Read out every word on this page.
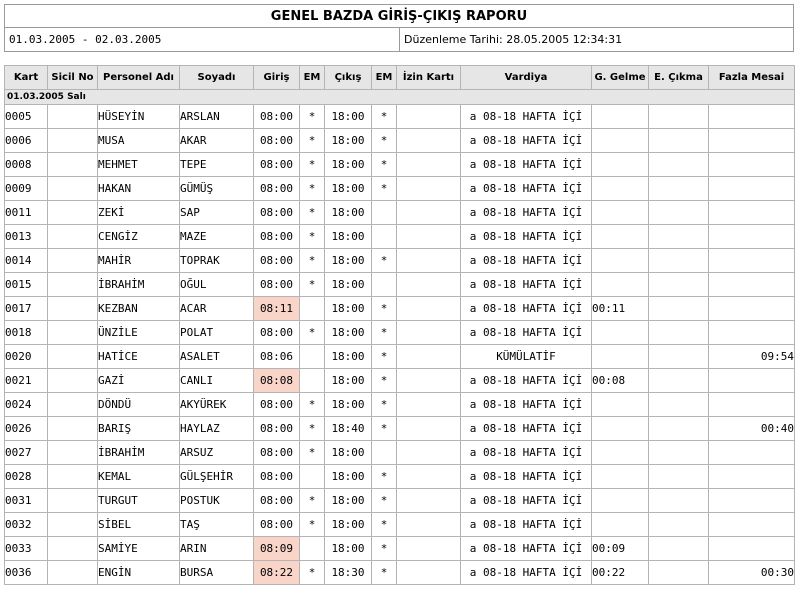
GENEL BAZDA GİRİŞ-ÇIKIŞ RAPORU
01.03.2005 - 02.03.2005	Düzenleme Tarihi:
28.05.2005 12:34:31
Kart	Sicil No	Personel Adı	Soyadı	Giriş	EM	Çıkış	EM	İzin Kartı	Vardiya	G. Gelme	E. Çıkma	Fazla Mesai
01.03.2005 Salı												
0005		HÜSEYİN	ARSLAN	08:00	*	18:00	*		a 08-18 HAFTA İÇİ			
0006		MUSA	AKAR	08:00	*	18:00	*		a 08-18 HAFTA İÇİ			
0008		MEHMET	TEPE	08:00	*	18:00	*		a 08-18 HAFTA İÇİ			
0009		HAKAN	GÜMÜŞ	08:00	*	18:00	*		a 08-18 HAFTA İÇİ			
0011		ZEKİ	SAP	08:00	*	18:00			a 08-18 HAFTA İÇİ			
0013		CENGİZ	MAZE	08:00	*	18:00			a 08-18 HAFTA İÇİ			
0014		MAHİR	TOPRAK	08:00	*	18:00	*		a 08-18 HAFTA İÇİ			
0015		İBRAHİM	OĞUL	08:00	*	18:00			a 08-18 HAFTA İÇİ			
0017		KEZBAN	ACAR	08:11		18:00	*		a 08-18 HAFTA İÇİ	00:11		
0018		ÜNZİLE	POLAT	08:00	*	18:00	*		a 08-18 HAFTA İÇİ			
0020		HATİCE	ASALET	08:06		18:00	*		KÜMÜLATİF			09:54
0021		GAZİ	CANLI	08:08		18:00	*		a 08-18 HAFTA İÇİ	00:08		
0024		DÖNDÜ	AKYÜREK	08:00	*	18:00	*		a 08-18 HAFTA İÇİ			
0026		BARIŞ	HAYLAZ	08:00	*	18:40	*		a 08-18 HAFTA İÇİ			00:40
0027		İBRAHİM	ARSUZ	08:00	*	18:00			a 08-18 HAFTA İÇİ			
0028		KEMAL	GÜLŞEHİR	08:00		18:00	*		a 08-18 HAFTA İÇİ			
0031		TURGUT	POSTUK	08:00	*	18:00	*		a 08-18 HAFTA İÇİ			
0032		SİBEL	TAŞ	08:00	*	18:00	*		a 08-18 HAFTA İÇİ			
0033		SAMİYE	ARIN	08:09		18:00	*		a 08-18 HAFTA İÇİ	00:09		
0036		ENGİN	BURSA	08:22	*	18:30	*		a 08-18 HAFTA İÇİ	00:22		00:30
